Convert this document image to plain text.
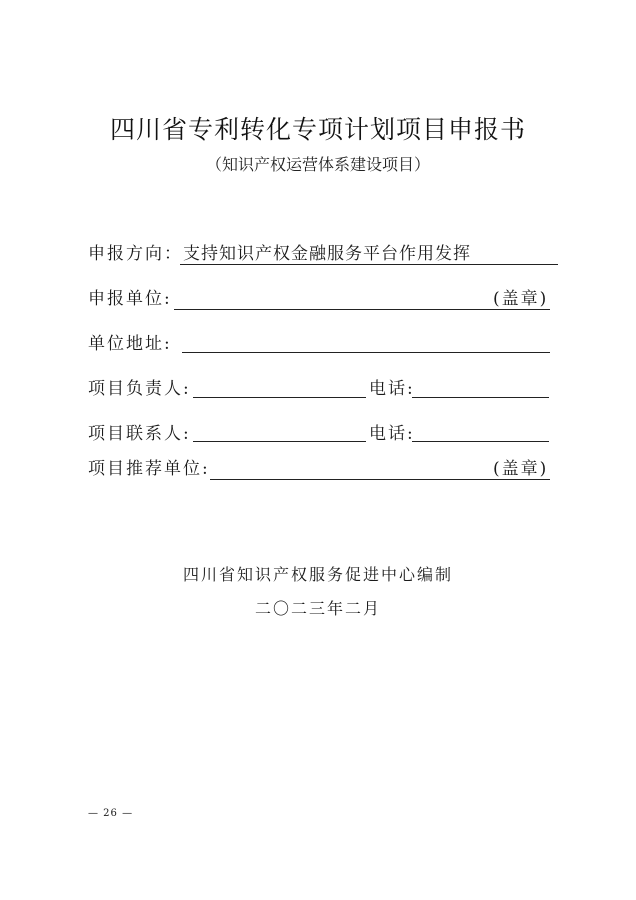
四川省专利转化专项计划项目申报书
（知识产权运营体系建设项目）
申报方向： 支持知识产权金融服务平台作用发挥
申报单位:	(盖章)
单位地址:
项目负责人:	电话:
项目联系人:	电话:
项目推荐单位:	(盖章)
四川省知识产权服务促进中心编制
二〇二三年二月
— 26 —
